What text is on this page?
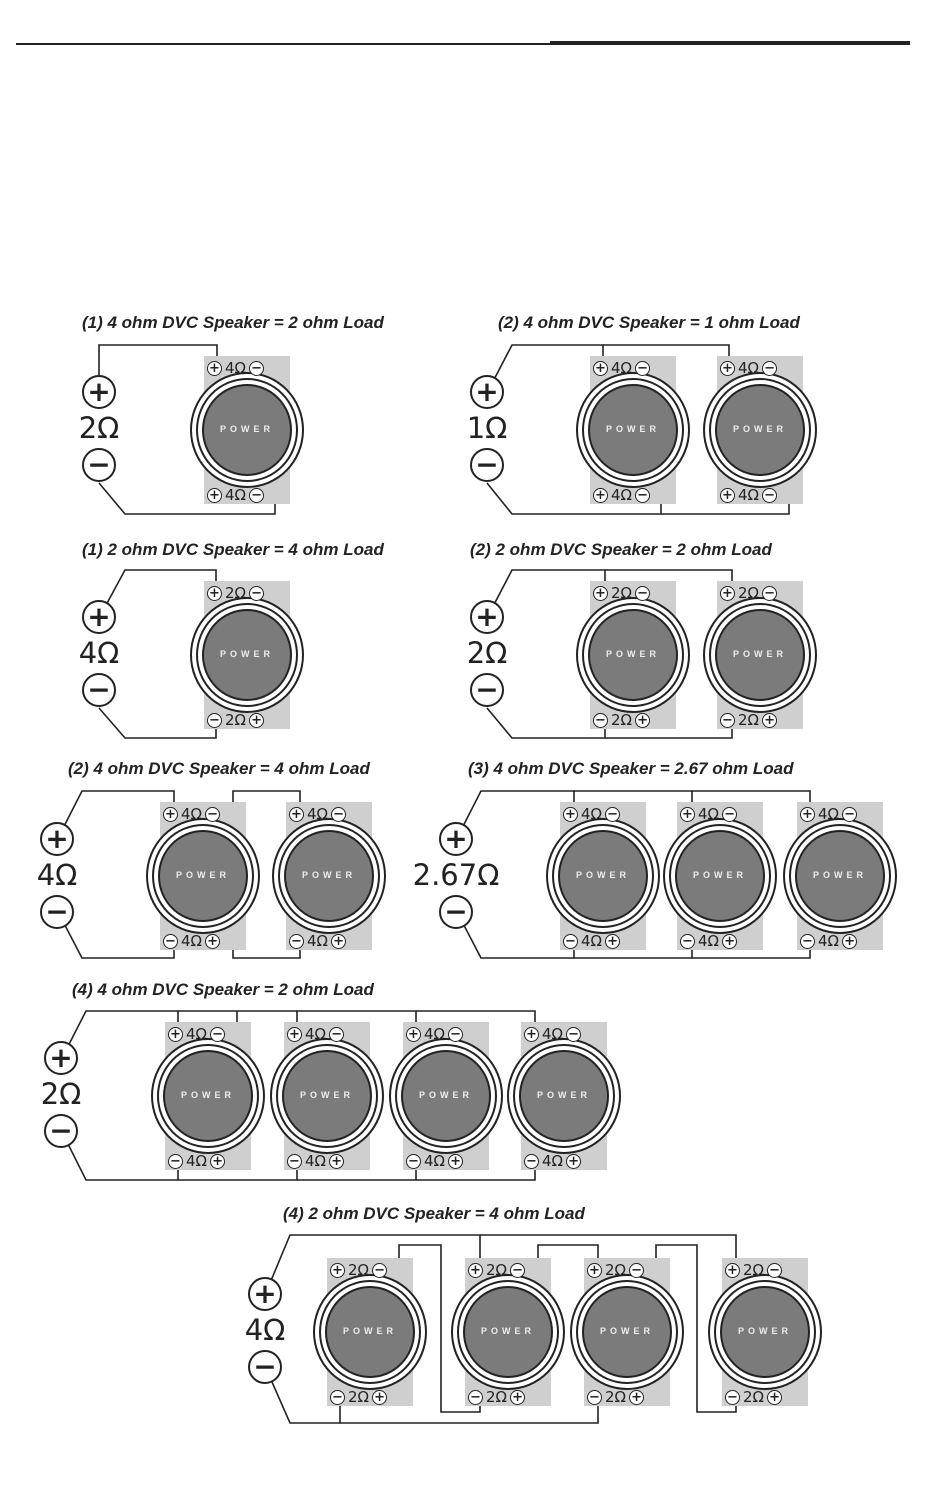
(1) 4 ohm DVC Speaker = 2 ohm Load
+
−
2Ω	POWER
+ 4Ω −
+ 4Ω −
(2) 4 ohm DVC Speaker = 1 ohm Load
+
−
1Ω	POWER
+ 4Ω −
+ 4Ω −
POWER
+ 4Ω −
+ 4Ω −
(1) 2 ohm DVC Speaker = 4 ohm Load
+
−
4Ω	POWER
+ 2Ω −
− 2Ω +
(2) 2 ohm DVC Speaker = 2 ohm Load
+
−
2Ω	POWER
+ 2Ω −
− 2Ω +
POWER
+ 2Ω −
− 2Ω +
(2) 4 ohm DVC Speaker = 4 ohm Load
+
−
4Ω	POWER
+ 4Ω −
− 4Ω +
POWER
+ 4Ω −
− 4Ω +
(3) 4 ohm DVC Speaker = 2.67 ohm Load
+
−
2.67Ω	POWER
+ 4Ω −
− 4Ω +
POWER
+ 4Ω −
− 4Ω +
POWER
+ 4Ω −
− 4Ω +
(4) 4 ohm DVC Speaker = 2 ohm Load
+
−
2Ω	POWER
+ 4Ω −
− 4Ω +
POWER
+ 4Ω −
− 4Ω +
POWER
+ 4Ω −
− 4Ω +
POWER
+ 4Ω −
− 4Ω +
(4) 2 ohm DVC Speaker = 4 ohm Load
+
−
4Ω	POWER
+ 2Ω −
− 2Ω +
POWER
+ 2Ω −
− 2Ω +
POWER
+ 2Ω −
− 2Ω +
POWER
+ 2Ω −
− 2Ω +
